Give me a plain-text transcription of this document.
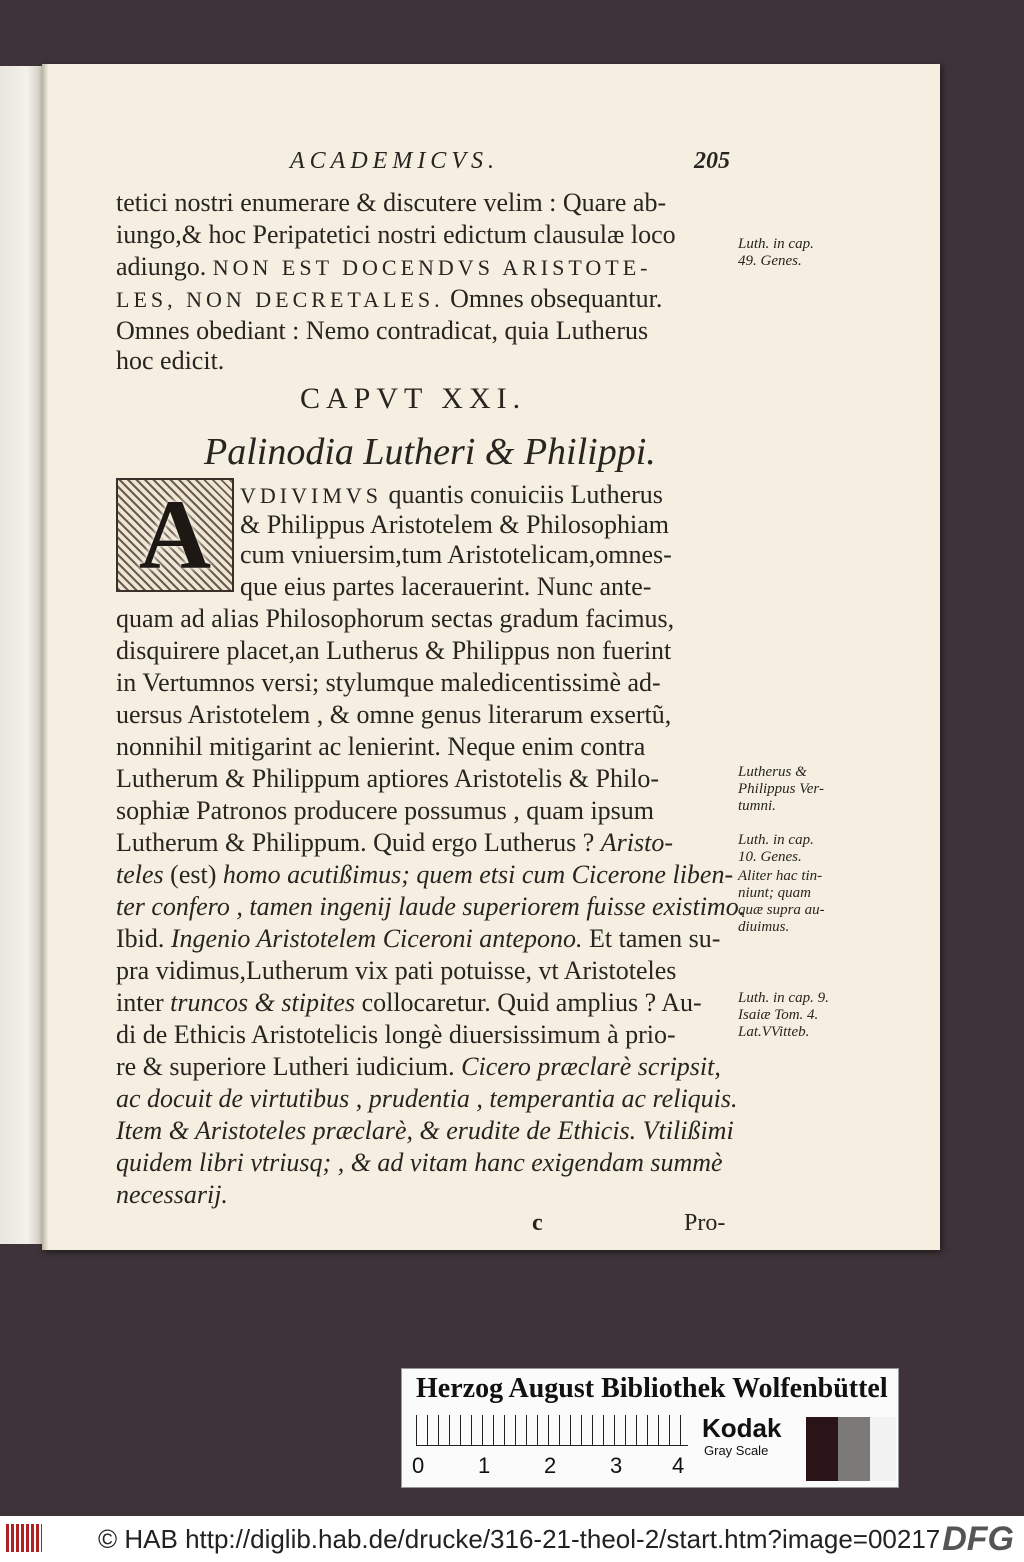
ACADEMICVS.	205
tetici nostri enumerare & discutere velim : Quare ab-
iungo,& hoc Peripatetici nostri edictum clausulæ loco
adiungo. NON EST DOCENDVS ARISTOTE-
LES, NON DECRETALES. Omnes obsequantur.
Omnes obediant : Nemo contradicat, quia Lutherus
hoc edicit.
CAPVT XXI.
Palinodia Lutheri & Philippi.
A	VDIVIMVS quantis conuiciis Lutherus
& Philippus Aristotelem & Philosophiam
cum vniuersim,tum Aristotelicam,omnes-
que eius partes lacerauerint. Nunc ante-
quam ad alias Philosophorum sectas gradum facimus,
disquirere placet,an Lutherus & Philippus non fuerint
in Vertumnos versi; stylumque maledicentissimè ad-
uersus Aristotelem , & omne genus literarum exsertũ,
nonnihil mitigarint ac lenierint. Neque enim contra
Lutherum & Philippum aptiores Aristotelis & Philo-
sophiæ Patronos producere possumus , quam ipsum
Lutherum & Philippum. Quid ergo Lutherus ? Aristo-
teles (est) homo acutißimus; quem etsi cum Cicerone liben-
ter confero , tamen ingenij laude superiorem fuisse existimo.
Ibid. Ingenio Aristotelem Ciceroni antepono. Et tamen su-
pra vidimus,Lutherum vix pati potuisse, vt Aristoteles
inter truncos & stipites collocaretur. Quid amplius ? Au-
di de Ethicis Aristotelicis longè diuersissimum à prio-
re & superiore Lutheri iudicium. Cicero præclarè scripsit,
ac docuit de virtutibus , prudentia , temperantia ac reliquis.
Item & Aristoteles præclarè, & erudite de Ethicis. Vtilißimi
quidem libri vtriusq; , & ad vitam hanc exigendam summè
necessarij.
c	Pro-
Luth. in cap.
49. Genes.
Lutherus &
Philippus Ver-
tumni.
Luth. in cap.
10. Genes.
Aliter hac tin-
niunt; quam
quæ supra au-
diuimus.
Luth. in cap. 9.
Isaiæ Tom. 4.
Lat.VVitteb.
Herzog August Bibliothek Wolfenbüttel
0 1 2 3 4
Kodak
Gray Scale
© HAB http://diglib.hab.de/drucke/316-21-theol-2/start.htm?image=00217 DFG
